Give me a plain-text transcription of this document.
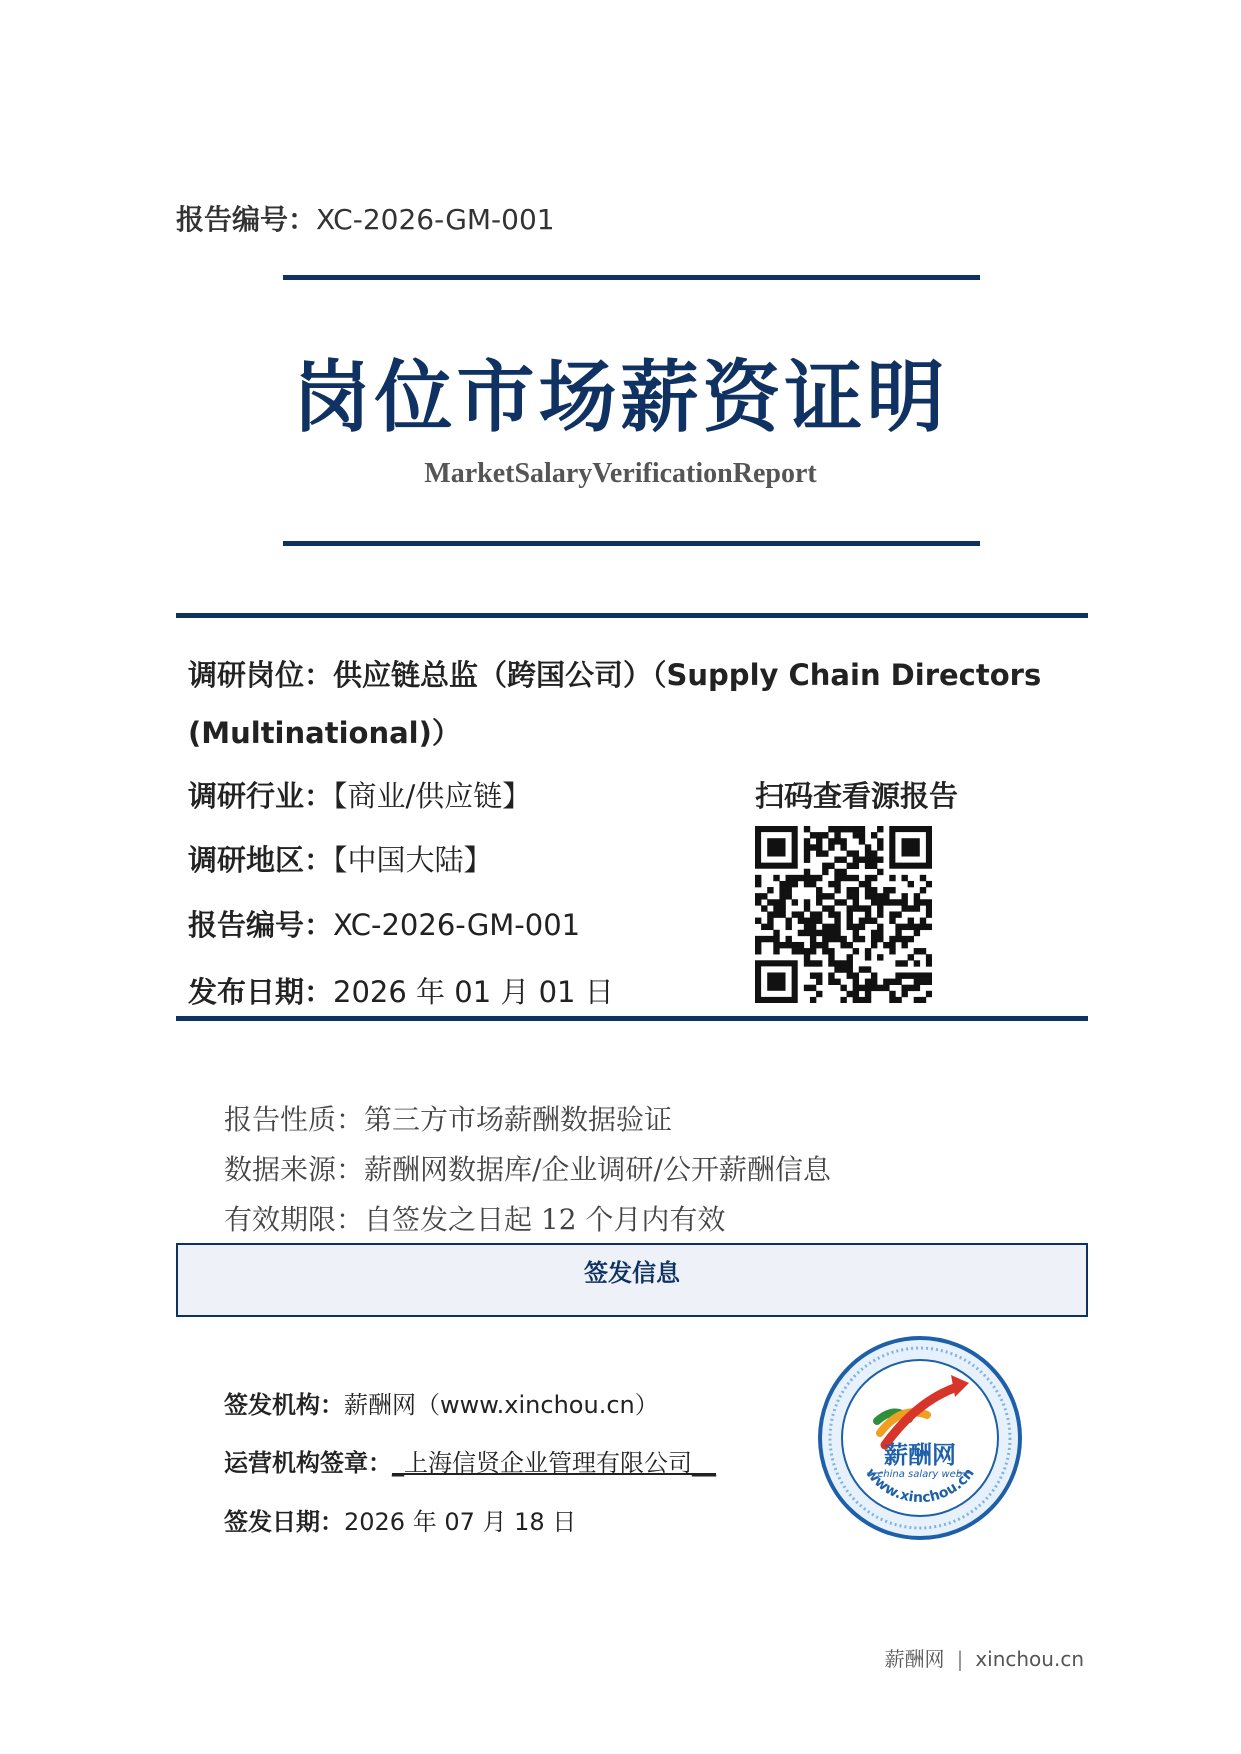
报告编号：XC-2026-GM-001
岗位市场薪资证明
MarketSalaryVerificationReport
调研岗位：供应链总监（跨国公司）（Supply Chain Directors (Multinational)）
调研行业：【商业/供应链】
调研地区：【中国大陆】
报告编号：XC-2026-GM-001
发布日期：2026 年 01 月 01 日
扫码查看源报告
报告性质：第三方市场薪酬数据验证
数据来源：薪酬网数据库/企业调研/公开薪酬信息
有效期限：自签发之日起 12 个月内有效
签发信息
签发机构：薪酬网（www.xinchou.cn）
运营机构签章：_上海信贤企业管理有限公司__
签发日期：2026 年 07 月 18 日
薪酬网
china salary web
www.xinchou.cn
薪酬网 | xinchou.cn
